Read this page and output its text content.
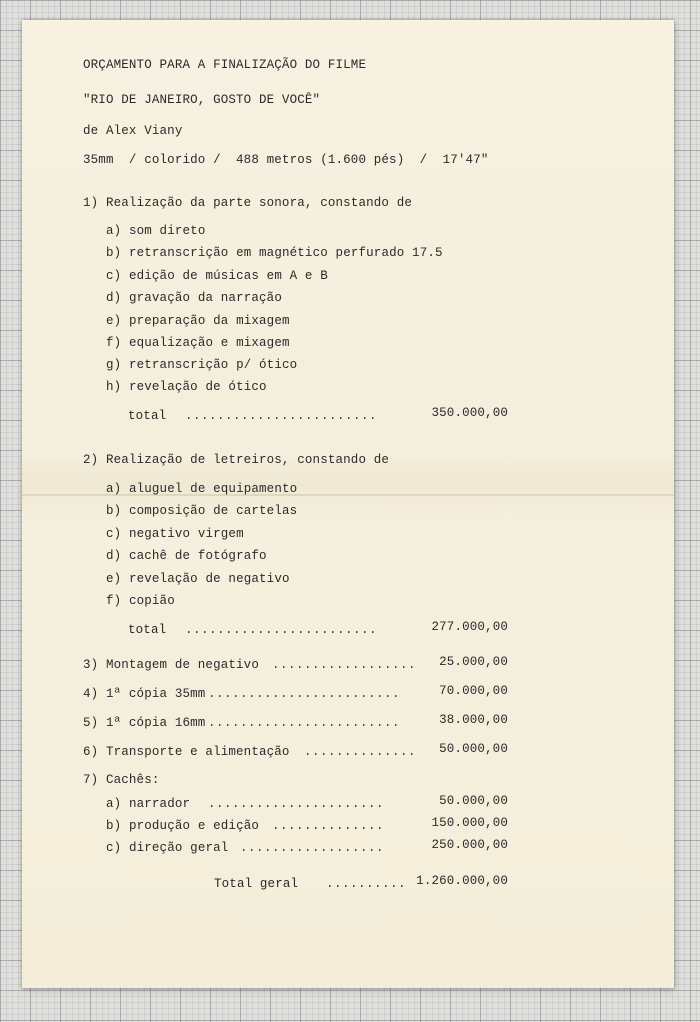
ORÇAMENTO PARA A FINALIZAÇÃO DO FILME
"RIO DE JANEIRO, GOSTO DE VOCÊ"
de Alex Viany
35mm  / colorido /  488 metros (1.600 pés)  /  17'47"
1) Realização da parte sonora, constando de
a) som direto
b) retranscrição em magnético perfurado 17.5
c) edição de músicas em A e B
d) gravação da narração
e) preparação da mixagem
f) equalização e mixagem
g) retranscrição p/ ótico
h) revelação de ótico
total ........................	350.000,00
2) Realização de letreiros, constando de
a) aluguel de equipamento
b) composição de cartelas
c) negativo virgem
d) cachê de fotógrafo
e) revelação de negativo
f) copião
total ........................	277.000,00
3) Montagem de negativo ..................	25.000,00
4) 1ª cópia 35mm ........................	70.000,00
5) 1ª cópia 16mm ........................	38.000,00
6) Transporte e alimentação ..............	50.000,00
7) Cachês:
a) narrador ......................	50.000,00
b) produção e edição ..............	150.000,00
c) direção geral ..................	250.000,00
Total geral .......... 1.260.000,00
